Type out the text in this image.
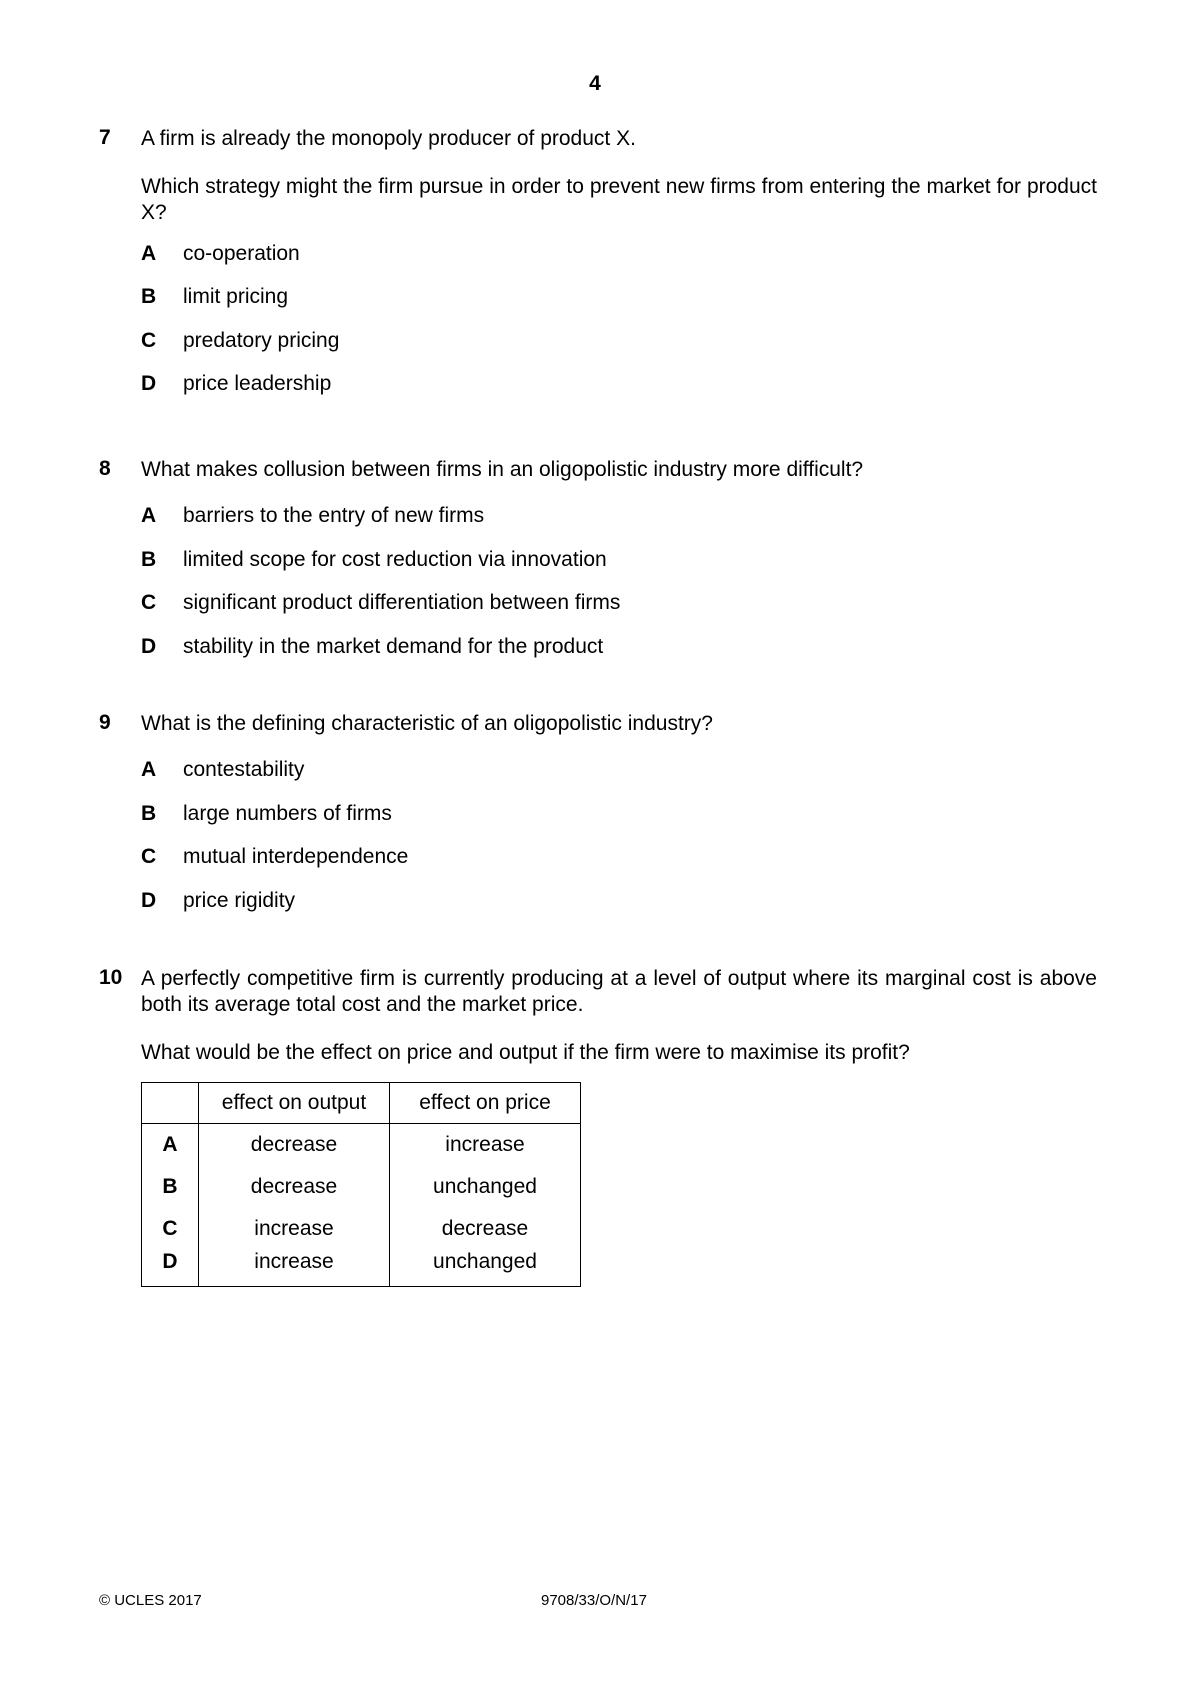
4
7 A firm is already the monopoly producer of product X.

Which strategy might the firm pursue in order to prevent new firms from entering the market for product X?

A co-operation
B limit pricing
C predatory pricing
D price leadership
8 What makes collusion between firms in an oligopolistic industry more difficult?

A barriers to the entry of new firms
B limited scope for cost reduction via innovation
C significant product differentiation between firms
D stability in the market demand for the product
9 What is the defining characteristic of an oligopolistic industry?

A contestability
B large numbers of firms
C mutual interdependence
D price rigidity
10 A perfectly competitive firm is currently producing at a level of output where its marginal cost is above both its average total cost and the market price.

What would be the effect on price and output if the firm were to maximise its profit?

	effect on output	effect on price
A	decrease	increase
B	decrease	unchanged
C	increase	decrease
D	increase	unchanged
© UCLES 2017	9708/33/O/N/17
